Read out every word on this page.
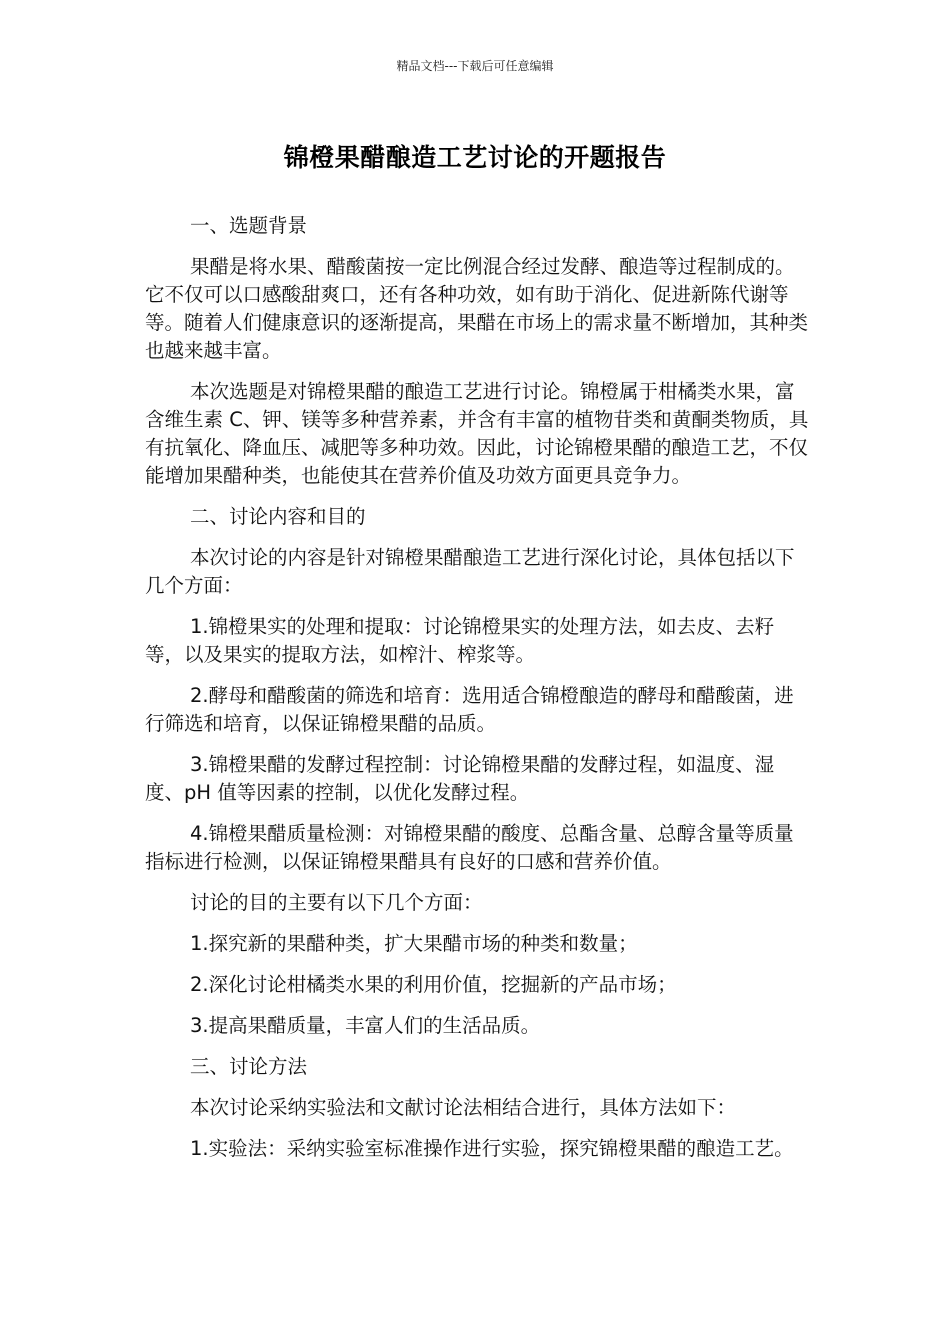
精品文档---下载后可任意编辑
锦橙果醋酿造工艺讨论的开题报告

一、选题背景

果醋是将水果、醋酸菌按一定比例混合经过发酵、酿造等过程制成的。它不仅可以口感酸甜爽口，还有各种功效，如有助于消化、促进新陈代谢等等。随着人们健康意识的逐渐提高，果醋在市场上的需求量不断增加，其种类也越来越丰富。

本次选题是对锦橙果醋的酿造工艺进行讨论。锦橙属于柑橘类水果，富含维生素 C、钾、镁等多种营养素，并含有丰富的植物苷类和黄酮类物质，具有抗氧化、降血压、减肥等多种功效。因此，讨论锦橙果醋的酿造工艺，不仅能增加果醋种类，也能使其在营养价值及功效方面更具竞争力。

二、讨论内容和目的

本次讨论的内容是针对锦橙果醋酿造工艺进行深化讨论，具体包括以下几个方面：

1.锦橙果实的处理和提取：讨论锦橙果实的处理方法，如去皮、去籽等，以及果实的提取方法，如榨汁、榨浆等。

2.酵母和醋酸菌的筛选和培育：选用适合锦橙酿造的酵母和醋酸菌，进行筛选和培育，以保证锦橙果醋的品质。

3.锦橙果醋的发酵过程控制：讨论锦橙果醋的发酵过程，如温度、湿度、pH 值等因素的控制，以优化发酵过程。

4.锦橙果醋质量检测：对锦橙果醋的酸度、总酯含量、总醇含量等质量指标进行检测，以保证锦橙果醋具有良好的口感和营养价值。

讨论的目的主要有以下几个方面：

1.探究新的果醋种类，扩大果醋市场的种类和数量；

2.深化讨论柑橘类水果的利用价值，挖掘新的产品市场；

3.提高果醋质量，丰富人们的生活品质。

三、讨论方法

本次讨论采纳实验法和文献讨论法相结合进行，具体方法如下：

1.实验法：采纳实验室标准操作进行实验，探究锦橙果醋的酿造工艺。
